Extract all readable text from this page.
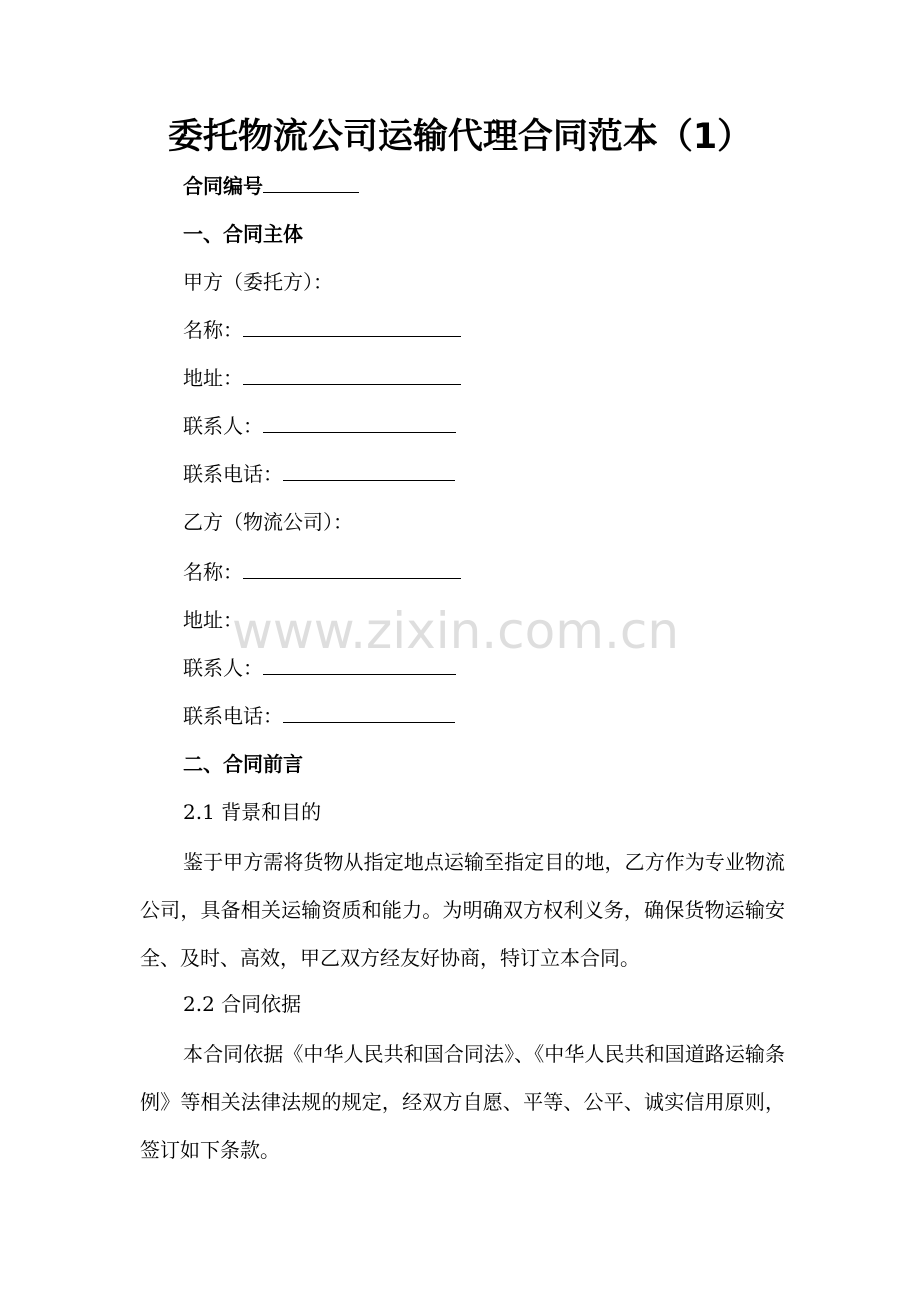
委托物流公司运输代理合同范本（1）
合同编号
一、合同主体
甲方（委托方）：
名称：
地址：
联系人：
联系电话：
乙方（物流公司）：
名称：
地址：
联系人：
联系电话：
二、合同前言
2.1 背景和目的
鉴于甲方需将货物从指定地点运输至指定目的地，乙方作为专业物流公司，具备相关运输资质和能力。为明确双方权利义务，确保货物运输安全、及时、高效，甲乙双方经友好协商，特订立本合同。
2.2 合同依据
本合同依据《中华人民共和国合同法》、《中华人民共和国道路运输条例》等相关法律法规的规定，经双方自愿、平等、公平、诚实信用原则，签订如下条款。
www.zixin.com.cn
